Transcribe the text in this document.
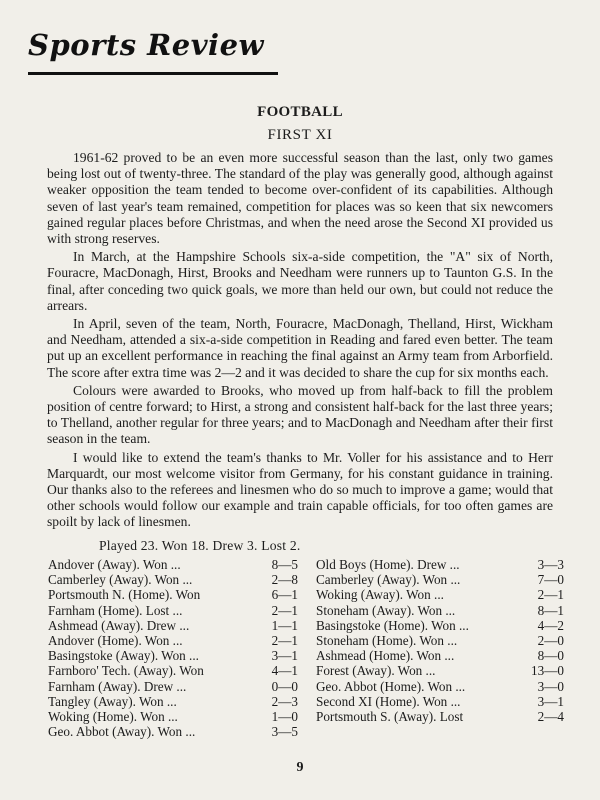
Sports Review
FOOTBALL
FIRST XI

1961-62 proved to be an even more successful season than the last, only two games being lost out of twenty-three. The standard of the play was generally good, although against weaker opposition the team tended to become over-confident of its capabilities. Although seven of last year's team remained, competition for places was so keen that six newcomers gained regular places before Christmas, and when the need arose the Second XI provided us with strong reserves.

In March, at the Hampshire Schools six-a-side competition, the "A" six of North, Fouracre, MacDonagh, Hirst, Brooks and Needham were runners up to Taunton G.S. In the final, after conceding two quick goals, we more than held our own, but could not reduce the arrears.

In April, seven of the team, North, Fouracre, MacDonagh, Thelland, Hirst, Wickham and Needham, attended a six-a-side competition in Reading and fared even better. The team put up an excellent performance in reaching the final against an Army team from Arborfield. The score after extra time was 2—2 and it was decided to share the cup for six months each.

Colours were awarded to Brooks, who moved up from half-back to fill the problem position of centre forward; to Hirst, a strong and consistent half-back for the last three years; to Thelland, another regular for three years; and to MacDonagh and Needham after their first season in the team.

I would like to extend the team's thanks to Mr. Voller for his assistance and to Herr Marquardt, our most welcome visitor from Germany, for his constant guidance in training. Our thanks also to the referees and linesmen who do so much to improve a game; would that other schools would follow our example and train capable officials, for too often games are spoilt by lack of linesmen.

Played 23. Won 18. Drew 3. Lost 2.
Andover (Away). Won ...	8—5
Camberley (Away). Won ...	2—8
Portsmouth N. (Home). Won	6—1
Farnham (Home). Lost ...	2—1
Ashmead (Away). Drew ...	1—1
Andover (Home). Won ...	2—1
Basingstoke (Away). Won ...	3—1
Farnboro' Tech. (Away). Won	4—1
Farnham (Away). Drew ...	0—0
Tangley (Away). Won ...	2—3
Woking (Home). Won ...	1—0
Geo. Abbot (Away). Won ...	3—5
Old Boys (Home). Drew ...	3—3
Camberley (Away). Won ...	7—0
Woking (Away). Won ...	2—1
Stoneham (Away). Won ...	8—1
Basingstoke (Home). Won ...	4—2
Stoneham (Home). Won ...	2—0
Ashmead (Home). Won ...	8—0
Forest (Away). Won ...	13—0
Geo. Abbot (Home). Won ...	3—0
Second XI (Home). Won ...	3—1
Portsmouth S. (Away). Lost	2—4
9
